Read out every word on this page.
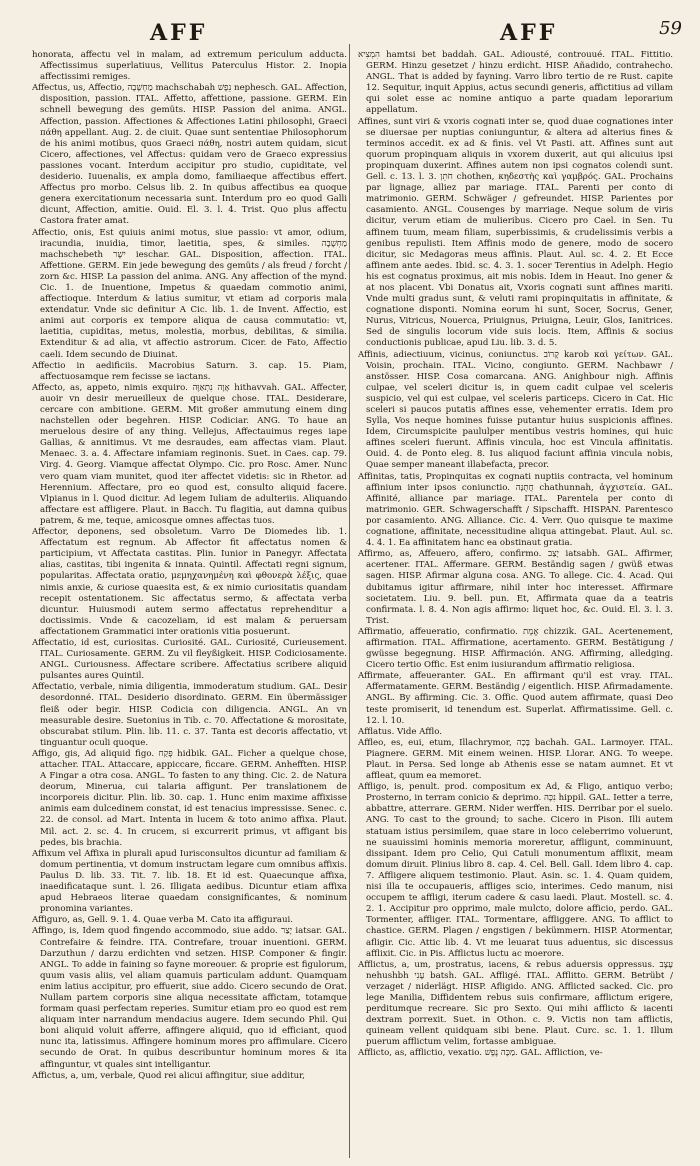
AFF	AFF	59

honorata, affectu vel in malam, ad extremum periculum adducta. Affectissimus superlatiuus, Vellitus Paterculus Histor. 2. Inopia affectissimi remiges.

Affectus, us, Affectio, מַחְשָׁבָה machschabah נֵפֶשׁ nephesch. GAL. Affection, disposition, passion. ITAL. Affetto, affettione, passione. GERM. Ein schnell bewegung des gemüts. HISP. Passion del anima. ANGL. Affection, passion. Affectiones & Affectiones Latini philosophi, Graeci πάθη appellant. Aug. 2. de ciuit. Quae sunt sententiae Philosophorum de his animi motibus, quos Graeci πάθη, nostri autem quidam, sicut Cicero, affectiones, vel Affectus: quidam vero de Graeco expressius passiones vocant. Interdum accipitur pro studio, cupiditate, vel desiderio. Iuuenalis, ex ampla domo, familiaeque affectibus effert. Affectus pro morbo. Celsus lib. 2. In quibus affectibus ea quoque genera exercitationum necessaria sunt. Interdum pro eo quod Galli dicunt, Affection, amitie. Ouid. El. 3. l. 4. Trist. Quo plus affectu Castora frater amat.

Affectio, onis, Est quiuis animi motus, siue passio: vt amor, odium, iracundia, inuidia, timor, laetitia, spes, & similes. מַחְשָׁבָה machschebeth ישֶׁר ieschar. GAL. Disposition, affection. ITAL. Affettione. GERM. Ein jede bewegung des gemüts / als freud / forcht / zorn &c. HISP. La passion del anima. ANG. Any affection of the mynd. Cic. 1. de Inuentione, Impetus & quaedam commotio animi, affectioque. Interdum & latius sumitur, vt etiam ad corporis mala extendatur. Vnde sic definitur A Cic. lib. 1. de Invent. Affectio, est animi aut corporis ex tempore aliqua de causa commutatio: vt, laetitia, cupiditas, metus, molestia, morbus, debilitas, & similia. Extenditur & ad alia, vt affectio astrorum. Cicer. de Fato, Affectio caeli. Idem secundo de Diuinat.

Affectio in aedificiis. Macrobius Saturn. 3. cap. 15. Piam, affectuosamque rem fecisse se iactans.

Affecto, as, appeto, nimis exquiro. אָוָה נִתְאַוֶּה hithavvah. GAL. Affecter, auoir vn desir merueilleux de quelque chose. ITAL. Desiderare, cercare con ambitione. GERM. Mit großer ammutung einem ding nachstellen oder begehren. HISP. Codiciar. ANG. To haue an meruelous desire of any thing. Vellejus, Affectauimus reges iape Gallias, & annitimus. Vt me desraudes, eam affectas viam. Plaut. Menaec. 3. a. 4. Affectare infamiam reginonis. Suet. in Caes. cap. 79. Virg. 4. Georg. Viamque affectat Olympo. Cic. pro Rosc. Amer. Nunc vero quam viam munitet, quod iter affectet videtis: sic in Rhetor. ad Herennium. Affectare, pro eo quod est, consulto aliquid facere. Vlpianus in l. Quod dicitur. Ad legem Iuliam de adulteriis. Aliquando affectare est affligere. Plaut. in Bacch. Tu flagitia, aut damna quibus patrem, & me, teque, amicosque omnes affectas tuos.

Affector, deponens, sed obsoletum. Varro De Diomedes lib. 1. Affectatum est regnum. Ab Affector fit affectatus nomen & participium, vt Affectata castitas. Plin. Iunior in Panegyr. Affectata alias, castitas, tibi ingenita & innata. Quintil. Affectati regni signum, popularitas. Affectata oratio, μεμηχανημένη καὶ φθονερὰ λέξις, quae nimis anxie, & curiose quaesita est, & ex nimio curiositatis quandam recepit ostentationem. Sic affectatus sermo, & affectata verba dicuntur. Huiusmodi autem sermo affectatus reprehenditur a doctissimis. Vnde & cacozeliam, id est malam & peruersam affectationem Grammatici inter orationis vitia posuerunt.

Affectatio, id est, curiositas. Curiosité. GAL. Curiosité, Curieusement. ITAL. Curiosamente. GERM. Zu vil fleyßigkeit. HISP. Codiciosamente. ANGL. Curiousness. Affectare scribere. Affectatius scribere aliquid pulsantes aures Quintil.

Affectatio, verbale, nimia diligentia, immoderatum studium. GAL. Desir desordonné. ITAL. Desiderio disordinato. GERM. Ein übermässiger fleiß oder begir. HISP. Codicia con diligencia. ANGL. An vn measurable desire. Suetonius in Tib. c. 70. Affectatione & morositate, obscurabat stilum. Plin. lib. 11. c. 37. Tanta est decoris affectatio, vt tinguantur oculi quoque.

Affigo, gis, Ad aliquid figo. פָּקַח hidbik. GAL. Ficher a quelque chose, attacher. ITAL. Attaccare, appiccare, ficcare. GERM. Anhefften. HISP. A Fingar a otra cosa. ANGL. To fasten to any thing. Cic. 2. de Natura deorum, Minerua, cui talaria affigunt. Per translationem de incorporeis dicitur. Plin. lib. 30. cap. 1. Hunc enim maxime affixisse animis eam dulcedinem constat, id est tenacius impressisse. Senec. c. 22. de consol. ad Mart. Intenta in lucem & toto animo affixa. Plaut. Mil. act. 2. sc. 4. In crucem, si excurrerit primus, vt affigant bis pedes, bis brachia.

Affixum vel Affixa in plurali apud Iurisconsultos dicuntur ad familiam & domum pertinentia, vt domum instructam legare cum omnibus affixis. Paulus D. lib. 33. Tit. 7. lib. 18. Et id est. Quaecunque affixa, inaedificataque sunt. l. 26. Illigata aedibus. Dicuntur etiam affixa apud Hebraeos literae quaedam consignificantes, & nominum pronomina variantes.

Affiguro, as, Gell. 9. 1. 4. Quae verba M. Cato ita affiguraui.

Affingo, is, Idem quod fingendo accommodo, siue addo. יָצַר iatsar. GAL. Contrefaire & feindre. ITA. Contrefare, trouar inuentioni. GERM. Darzuthun / darzu erdichten vnd setzen. HISP. Componer & fingir. ANGL. To adde in faining so fayne moreouer. & proprie est figulorum, quum vasis aliis, vel aliam quamuis particulam addunt. Quamquam enim latius accipitur, pro effuerit, siue addo. Cicero secundo de Orat. Nullam partem corporis sine aliqua necessitate affictam, totamque formam quasi perfectam reperies. Sumitur etiam pro eo quod est rem aliquam inter narrandum mendacius augere. Idem secundo Phil. Qui boni aliquid voluit afferre, affingere aliquid, quo id efficiant, quod nunc ita, latissimus. Affingere hominum mores pro affimulare. Cicero secundo de Orat. In quibus describuntur hominum mores & ita affinguntur, vt quales sint intelligantur.

Affictus, a, um, verbale, Quod rei alicui affingitur, siue additur,

הִמְצִיא hamtsi bet baddah. GAL. Adiousté, controuué. ITAL. Fittitio. GERM. Hinzu gesetzet / hinzu erdicht. HISP. Añadido, contrahecho. ANGL. That is added by fayning. Varro libro tertio de re Rust. capite 12. Sequitur, inquit Appius, actus secundi generis, affictitius ad villam qui solet esse ac nomine antiquo a parte quadam leporarium appellatum.

Affines, sunt viri & vxoris cognati inter se, quod duae cognationes inter se diuersae per nuptias coniunguntur, & altera ad alterius fines & terminos accedit. ex ad & finis. vel Vt Pasti. att. Affines sunt aut quorum propinquam aliquis in vxorem duxerit, aut qui alicuius ipsi propinquam duxerint. Affines autem non ipsi cognatos colendi sunt. Gell. c. 13. l. 3. חֹתֵן chothen, κηδεστὴς καὶ γαμβρός. GAL. Prochains par lignage, alliez par mariage. ITAL. Parenti per conto di matrimonio. GERM. Schwäger / gefreundet. HISP. Parientes por casamiento. ANGL. Cousenges by marriage. Neque solum de viris dicitur, verum etiam de mulieribus. Cicero pro Cael. in Sen. Tu affinem tuum, meam filiam, superbissimis, & crudelissimis verbis a genibus repulisti. Item Affinis modo de genere, modo de socero dicitur, sic Medagoras meus affinis. Plaut. Aul. sc. 4. 2. Et Ecce affinem ante aedes. Ibid. sc. 4. 3. 1. socer Terentius in Adelph. Hegio his est cognatus proximus, ait mis nobis. Idem in Heaut. Ino gener & at nos placent. Vbi Donatus ait, Vxoris cognati sunt affines mariti. Vnde multi gradus sunt, & veluti rami propinquitatis in affinitate, & cognatione disponti. Nomina eorum hi sunt, Socer, Socrus, Gener, Nurus, Vitricus, Nouerca, Priuignus, Priuigna, Leuir, Glos, Ianitrices. Sed de singulis locorum vide suis locis. Item, Affinis & socius conductionis publicae, apud Liu. lib. 3. d. 5.

Affinis, adiectiuum, vicinus, coniunctus. קָרוֹב karob καὶ γείτων. GAL. Voisin, prochain. ITAL. Vicino, congiunto. GERM. Nachbawr / anstösser. HISP. Cosa comarcana. ANG. Anighbour nigh. Affinis culpae, vel sceleri dicitur is, in quem cadit culpae vel sceleris suspicio, vel qui est culpae, vel sceleris particeps. Cicero in Cat. Hic sceleri si paucos putatis affines esse, vehementer erratis. Idem pro Sylla, Vos neque homines fuisse putantur huius suspicionis affines. Idem, Circumspicite paululper mentibus vestris homines, qui huic affines sceleri fuerunt. Affinis vincula, hoc est Vincula affinitatis. Ouid. 4. de Ponto eleg. 8. Ius aliquod faciunt affinia vincula nobis, Quae semper maneant illabefacta, precor.

Affinitas, tatis, Propinquitas ex cognati nuptiis contracta, vel hominum affinium inter ipsos coniunctio. חֲתֻנָּה chathunnah, ἀγχιστεία. GAL. Affinité, alliance par mariage. ITAL. Parentela per conto di matrimonio. GER. Schwagerschafft / Sipschafft. HISPAN. Parentesco por casamiento. ANG. Alliance. Cic. 4. Verr. Quo quisque te maxime cognatione, affinitate, necessitudine aliqua attingebat. Plaut. Aul. sc. 4. 4. 1. Ea affinitatem hanc ea obstinaut gratia.

Affirmo, as, Affeuero, affero, confirmo. יָצַב iatsabh. GAL. Affirmer, acertener. ITAL. Affermare. GERM. Beständig sagen / gwüß etwas sagen. HISP. Afirmar alguna cosa. ANG. To allege. Cic. 4. Acad. Qui dubitamus igitur affirmare, nihil inter hoc interesset. Affirmare societatem. Liu. 9. bell. pun. Et, Affirmata quae da a teatris confirmata. l. 8. 4. Non agis affirmo: liquet hoc, &c. Ouid. El. 3. l. 3. Trist.

Affirmatio, affeueratio, confirmatio. אֱמֶת chizzik. GAL. Acertenement, affirmation. ITAL. Affirmatione, acertamento. GERM. Bestätigung / gwüsse begegnung. HISP. Affirmación. ANG. Affirming, alledging. Cicero tertio Offic. Est enim iusiurandum affirmatio religiosa.

Affirmate, affeueranter. GAL. En affirmant qu'il est vray. ITAL. Affermatamente. GERM. Beständig / eigentlich. HISP. Afirmadamente. ANGL. By affirming. Cic. 3. Offic. Quod autem affirmate, quasi Deo teste promiserit, id tenendum est. Superlat. Affirmatissime. Gell. c. 12. l. 10.

Afflatus. Vide Afflo.

Affleo, es, eui, etum, Illachrymor, בָּכָה bachah. GAL. Larmoyer. ITAL. Piagnere. GERM. Mit einem weinen. HISP. Llorar. ANG. To weepe. Plaut. in Persa. Sed longe ab Athenis esse se natam aumnet. Et vt affleat, quum ea memoret.

Affligo, is, penult. prod. compositum ex Ad, & Fligo, antiquo verbo; Prosterno, in terram conicio & deprimo. נִכָּה hippil. GAL. Ietter a terre, abbattre, atterrare. GERM. Nider werffen. HIS. Derribar por el suelo. ANG. To cast to the ground; to sache. Cicero in Pison. Illi autem statuam istius persimilem, quae stare in loco celeberrimo voluerunt, ne suauissimi hominis memoria moreretur, affligunt, comminuunt, dissipant. Idem pro Celio, Qui Catuli monumentum afflixit, meam domum diruit. Plinius libro 8. cap. 4. Cel. Bell. Gall. Idem libro 4. cap. 7. Affligere aliquem testimonio. Plaut. Asin. sc. 1. 4. Quam quidem, nisi illa te occupaueris, affliges scio, interimes. Cedo manum, nisi occupem te affligi, iterum cadere & casu laedi. Plaut. Mostell. sc. 4. 2. 1. Accipitur pro opprimo, male mulcto, dolore afficio, perdo. GAL. Tormenter, affliger. ITAL. Tormentare, affliggere. ANG. To afflict to chastice. GERM. Plagen / engstigen / bekümmern. HISP. Atormentar, afligir. Cic. Attic lib. 4. Vt me leuarat tuus aduentus, sic discessus afflixit. Cic. in Pis. Afflictus luctu ac moerore.

Afflictus, a, um, prostratus, iacens, & rebus aduersis oppressus. עָצָב nehushbh עָנִי batsh. GAL. Affligé. ITAL. Afflitto. GERM. Betrübt / verzaget / niderlägt. HISP. Afligido. ANG. Afflicted sacked. Cic. pro lege Manilia, Diffidentem rebus suis confirmare, afflictum erigere, perditumque recreare. Sic pro Sexto. Qui mihi afflicto & iacenti dextram porrexit. Suet. in Othon. c. 9. Victis non tam afflictis, quineam vellent quidquam sibi bene. Plaut. Curc. sc. 1. 1. Illum puerum afflictum velim, fortasse ambiguae.

Afflicto, as, afflictio, vexatio. מַכָּה נֶפֶשׁ. GAL. Affliction, ve-
